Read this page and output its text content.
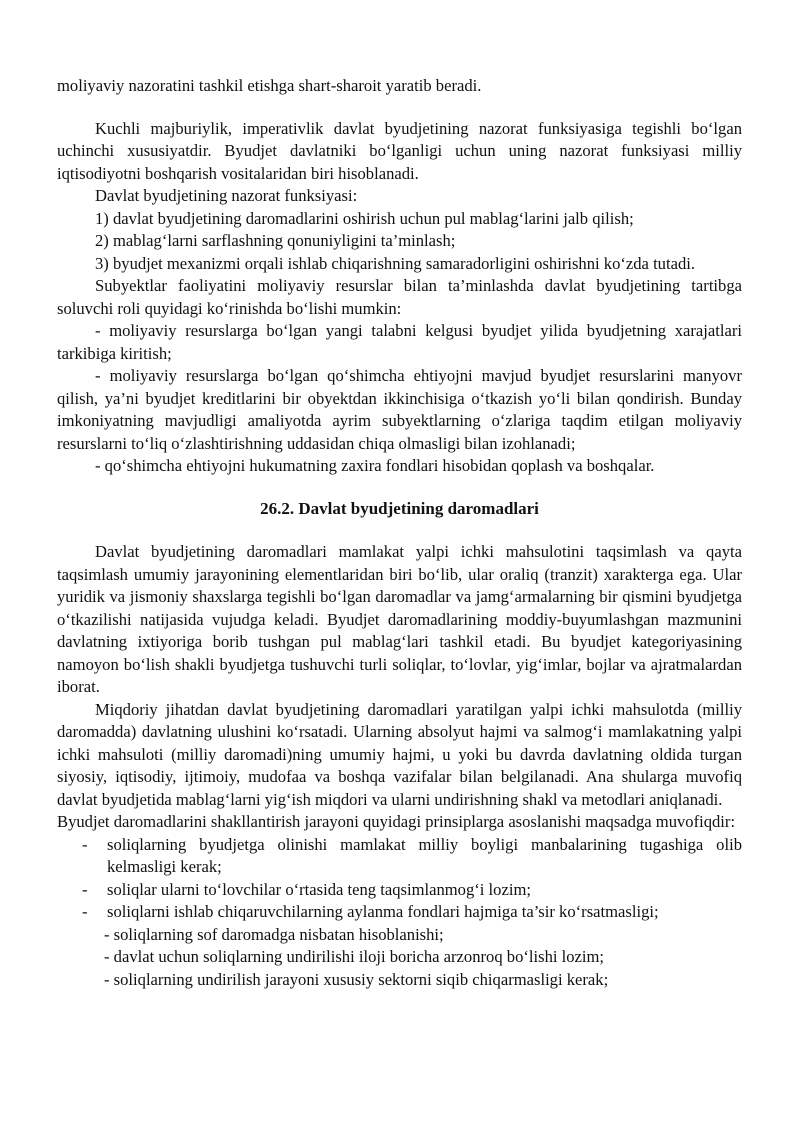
moliyaviy nazoratini tashkil etishga shart-sharoit yaratib beradi.

Kuchli majburiylik, imperativlik davlat byudjetining nazorat funksiyasiga tegishli bo‘lgan uchinchi xususiyatdir. Byudjet davlatniki bo‘lganligi uchun uning nazorat funksiyasi milliy iqtisodiyotni boshqarish vositalaridan biri hisoblanadi.

Davlat byudjetining nazorat funksiyasi:

1) davlat byudjetining daromadlarini oshirish uchun pul mablag‘larini jalb qilish;

2) mablag‘larni sarflashning qonuniyligini ta’minlash;

3) byudjet mexanizmi orqali ishlab chiqarishning samaradorligini oshirishni ko‘zda tutadi.

Subyektlar faoliyatini moliyaviy resurslar bilan ta’minlashda davlat byudjetining tartibga soluvchi roli quyidagi ko‘rinishda bo‘lishi mumkin:

- moliyaviy resurslarga bo‘lgan yangi talabni kelgusi byudjet yilida byudjetning xarajatlari tarkibiga kiritish;

- moliyaviy resurslarga bo‘lgan qo‘shimcha ehtiyojni mavjud byudjet resurslarini manyovr qilish, ya’ni byudjet kreditlarini bir obyektdan ikkinchisiga o‘tkazish yo‘li bilan qondirish. Bunday imkoniyatning mavjudligi amaliyotda ayrim subyektlarning o‘zlariga taqdim etilgan moliyaviy resurslarni to‘liq o‘zlashtirishning uddasidan chiqa olmasligi bilan izohlanadi;

- qo‘shimcha ehtiyojni hukumatning zaxira fondlari hisobidan qoplash va boshqalar.

26.2. Davlat byudjetining daromadlari

Davlat byudjetining daromadlari mamlakat yalpi ichki mahsulotini taqsimlash va qayta taqsimlash umumiy jarayonining elementlaridan biri bo‘lib, ular oraliq (tranzit) xarakterga ega. Ular yuridik va jismoniy shaxslarga tegishli bo‘lgan daromadlar va jamg‘armalarning bir qismini byudjetga o‘tkazilishi natijasida vujudga keladi. Byudjet daromadlarining moddiy-buyumlashgan mazmunini davlatning ixtiyoriga borib tushgan pul mablag‘lari tashkil etadi. Bu byudjet kategoriyasining namoyon bo‘lish shakli byudjetga tushuvchi turli soliqlar, to‘lovlar, yig‘imlar, bojlar va ajratmalardan iborat.

Miqdoriy jihatdan davlat byudjetining daromadlari yaratilgan yalpi ichki mahsulotda (milliy daromadda) davlatning ulushini ko‘rsatadi. Ularning absolyut hajmi va salmog‘i mamlakatning yalpi ichki mahsuloti (milliy daromadi)ning umumiy hajmi, u yoki bu davrda davlatning oldida turgan siyosiy, iqtisodiy, ijtimoiy, mudofaa va boshqa vazifalar bilan belgilanadi. Ana shularga muvofiq davlat byudjetida mablag‘larni yig‘ish miqdori va ularni undirishning shakl va metodlari aniqlanadi.

Byudjet daromadlarini shakllantirish jarayoni quyidagi prinsiplarga asoslanishi maqsadga muvofiqdir:

- soliqlarning byudjetga olinishi mamlakat milliy boyligi manbalarining tugashiga olib kelmasligi kerak;

- soliqlar ularni to‘lovchilar o‘rtasida teng taqsimlanmog‘i lozim;

- soliqlarni ishlab chiqaruvchilarning aylanma fondlari hajmiga ta’sir ko‘rsatmasligi;

- soliqlarning sof daromadga nisbatan hisoblanishi;

- davlat uchun soliqlarning undirilishi iloji boricha arzonroq bo‘lishi lozim;

- soliqlarning undirilish jarayoni xususiy sektorni siqib chiqarmasligi kerak;
